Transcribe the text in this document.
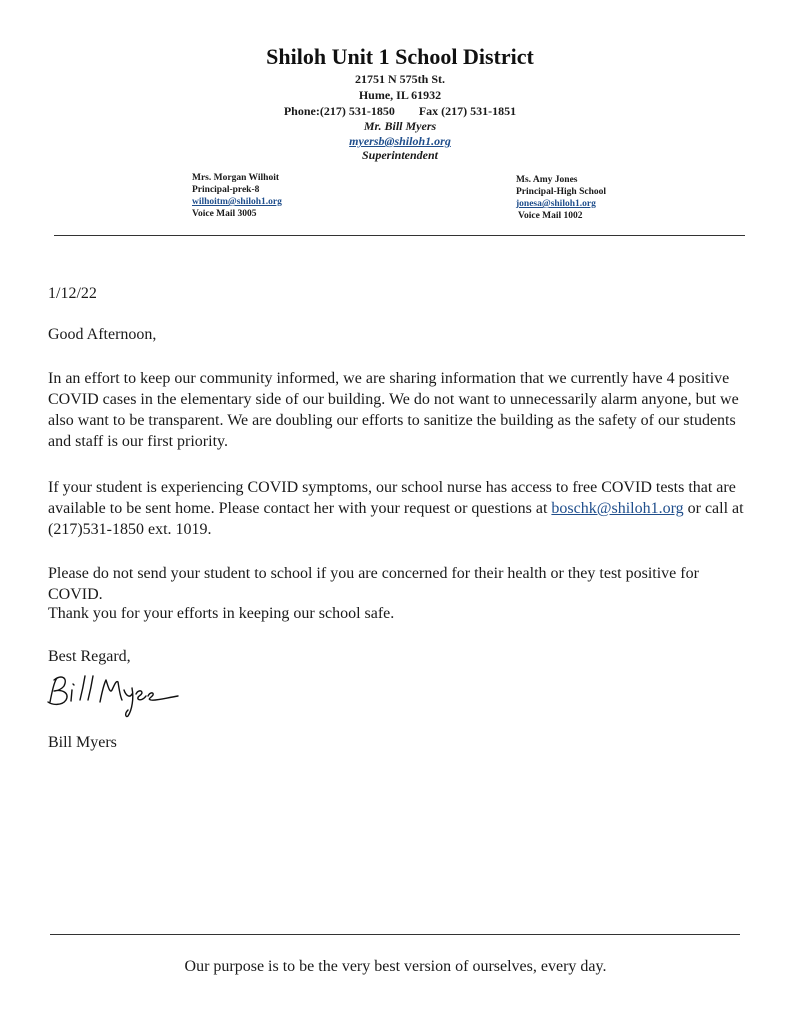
Shiloh Unit 1 School District
21751 N 575th St.
Hume, IL 61932
Phone:(217) 531-1850 Fax (217) 531-1851
Mr. Bill Myers
myersb@shiloh1.org
Superintendent
Mrs. Morgan Wilhoit
Principal-prek-8
wilhoitm@shiloh1.org
Voice Mail 3005
Ms. Amy Jones
Principal-High School
jonesa@shiloh1.org
Voice Mail 1002
1/12/22
Good Afternoon,
In an effort to keep our community informed, we are sharing information that we currently have 4 positive COVID cases in the elementary side of our building. We do not want to unnecessarily alarm anyone, but we also want to be transparent. We are doubling our efforts to sanitize the building as the safety of our students and staff is our first priority.
If your student is experiencing COVID symptoms, our school nurse has access to free COVID tests that are available to be sent home. Please contact her with your request or questions at boschk@shiloh1.org or call at (217)531-1850 ext. 1019.
Please do not send your student to school if you are concerned for their health or they test positive for COVID.
Thank you for your efforts in keeping our school safe.
Best Regard,
Bill Myers
Our purpose is to be the very best version of ourselves, every day.
